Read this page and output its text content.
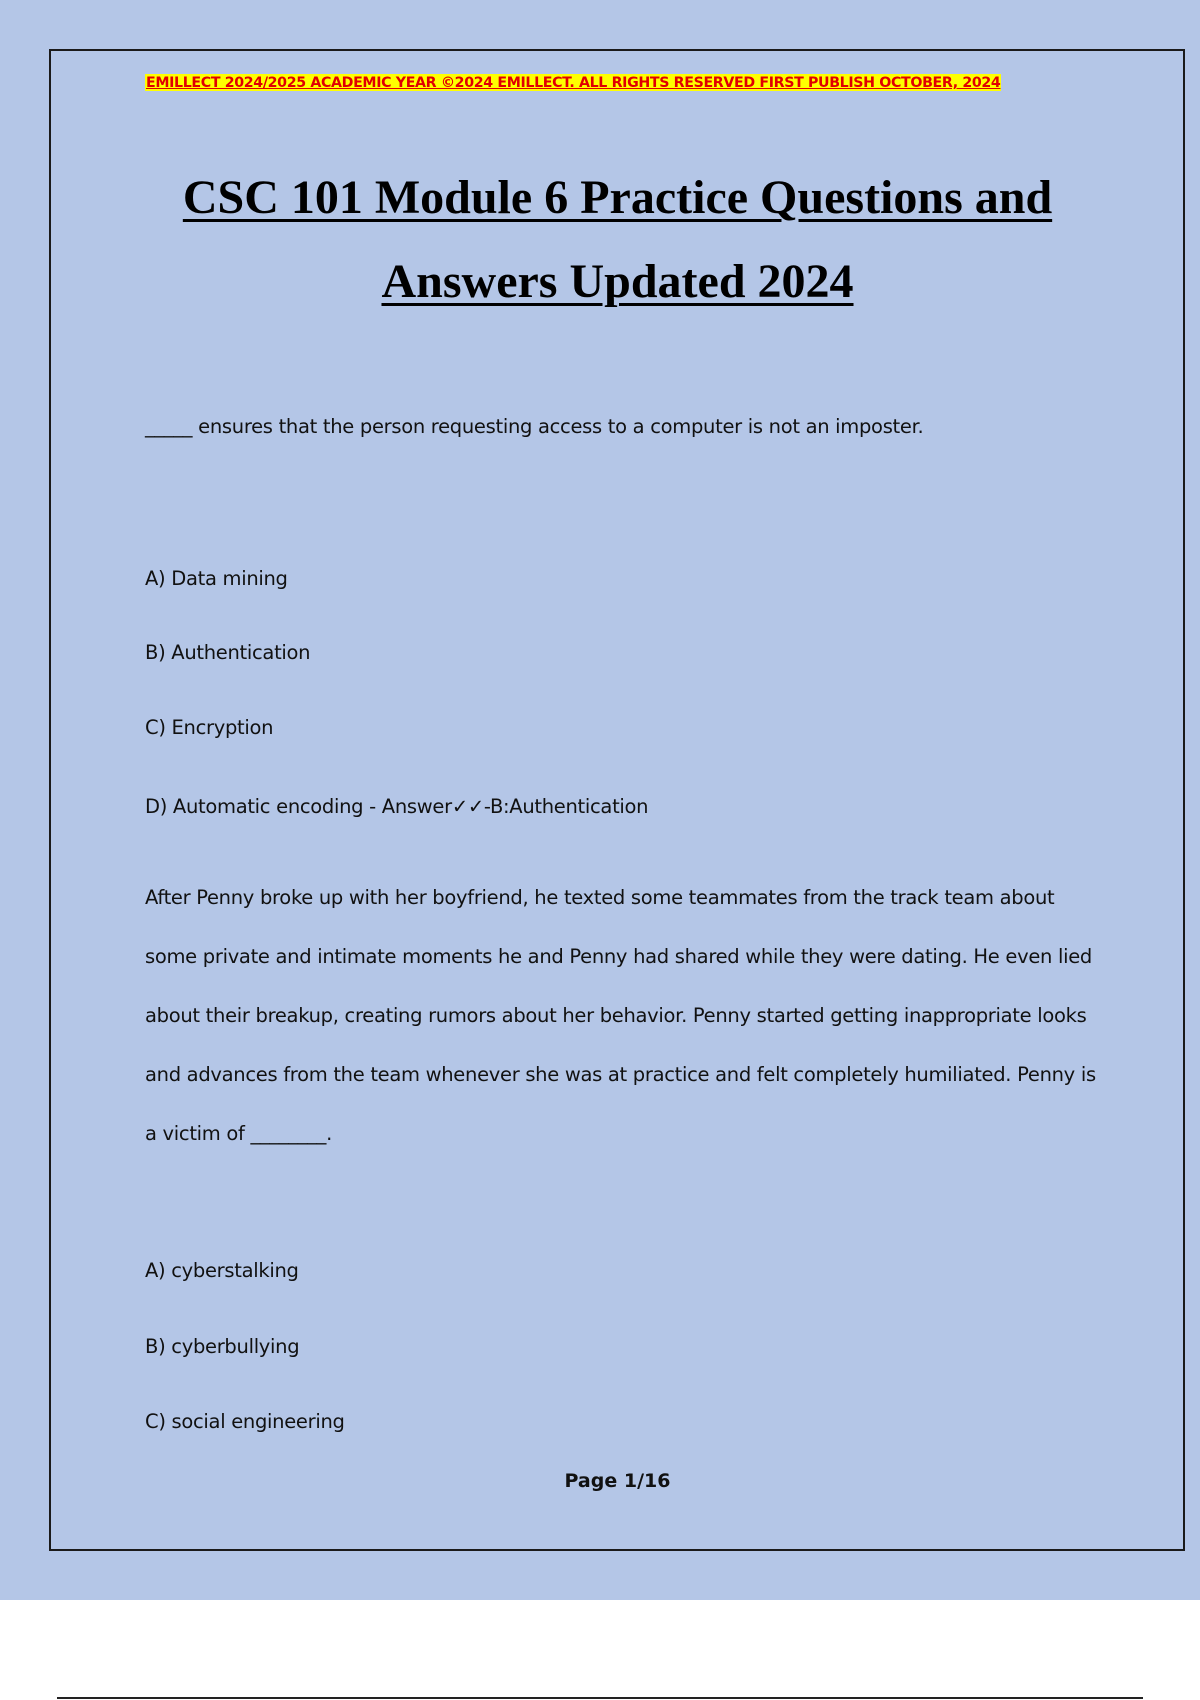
EMILLECT 2024/2025 ACADEMIC YEAR ©2024 EMILLECT. ALL RIGHTS RESERVED FIRST PUBLISH OCTOBER, 2024
CSC 101 Module 6 Practice Questions and
Answers Updated 2024
_____ ensures that the person requesting access to a computer is not an imposter.
A) Data mining
B) Authentication
C) Encryption
D) Automatic encoding - Answer✓✓-B:Authentication
After Penny broke up with her boyfriend, he texted some teammates from the track team about some private and intimate moments he and Penny had shared while they were dating. He even lied about their breakup, creating rumors about her behavior. Penny started getting inappropriate looks and advances from the team whenever she was at practice and felt completely humiliated. Penny is a victim of ________.
A) cyberstalking
B) cyberbullying
C) social engineering
Page 1/16
